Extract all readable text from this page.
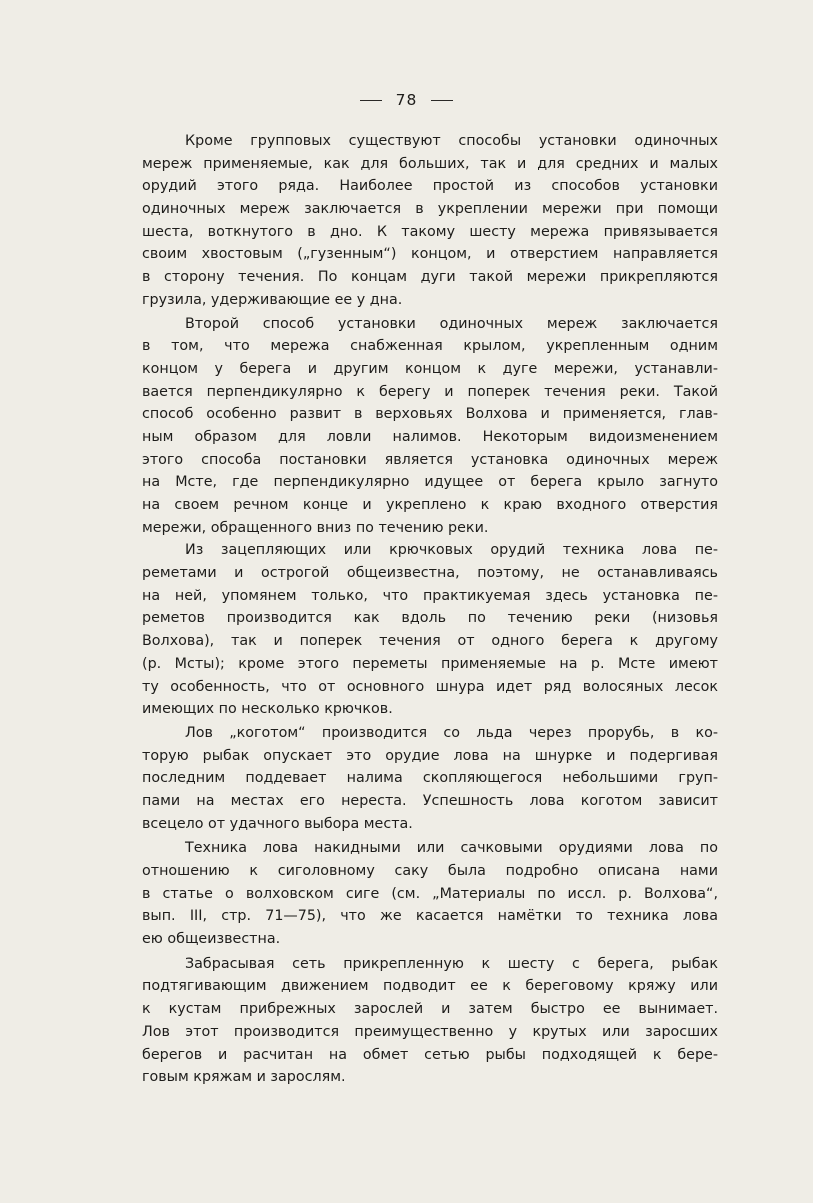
78
Кроме групповых существуют способы установки одиночных
мереж применяемые, как для больших, так и для средних и малых
орудий этого ряда. Наиболее простой из способов установки
одиночных мереж заключается в укреплении мережи при помощи
шеста, воткнутого в дно. К такому шесту мережа привязывается
своим хвостовым („гузенным“) концом, и отверстием направляется
в сторону течения. По концам дуги такой мережи прикрепляются
грузила, удерживающие ее у дна.
Второй способ установки одиночных мереж заключается
в том, что мережа снабженная крылом, укрепленным одним
концом у берега и другим концом к дуге мережи, устанавли-
вается перпендикулярно к берегу и поперек течения реки. Такой
способ особенно развит в верховьях Волхова и применяется, глав-
ным образом для ловли налимов. Некоторым видоизменением
этого способа постановки является установка одиночных мереж
на Мсте, где перпендикулярно идущее от берега крыло загнуто
на своем речном конце и укреплено к краю входного отверстия
мережи, обращенного вниз по течению реки.
Из зацепляющих или крючковых орудий техника лова пе-
реметами и острогой общеизвестна, поэтому, не останавливаясь
на ней, упомянем только, что практикуемая здесь установка пе-
реметов производится как вдоль по течению реки (низовья
Волхова), так и поперек течения от одного берега к другому
(р. Мсты); кроме этого переметы применяемые на р. Мсте имеют
ту особенность, что от основного шнура идет ряд волосяных лесок
имеющих по несколько крючков.
Лов „коготом“ производится со льда через прорубь, в ко-
торую рыбак опускает это орудие лова на шнурке и подергивая
последним поддевает налима скопляющегося небольшими груп-
пами на местах его нереста. Успешность лова коготом зависит
всецело от удачного выбора места.
Техника лова накидными или сачковыми орудиями лова по
отношению к сиголовному саку была подробно описана нами
в статье о волховском сиге (см. „Материалы по иссл. р. Волхова“,
вып. III, стр. 71—75), что же касается намётки то техника лова
ею общеизвестна.
Забрасывая сеть прикрепленную к шесту с берега, рыбак
подтягивающим движением подводит ее к береговому кряжу или
к кустам прибрежных зарослей и затем быстро ее вынимает.
Лов этот производится преимущественно у крутых или заросших
берегов и расчитан на обмет сетью рыбы подходящей к бере-
говым кряжам и зарослям.
